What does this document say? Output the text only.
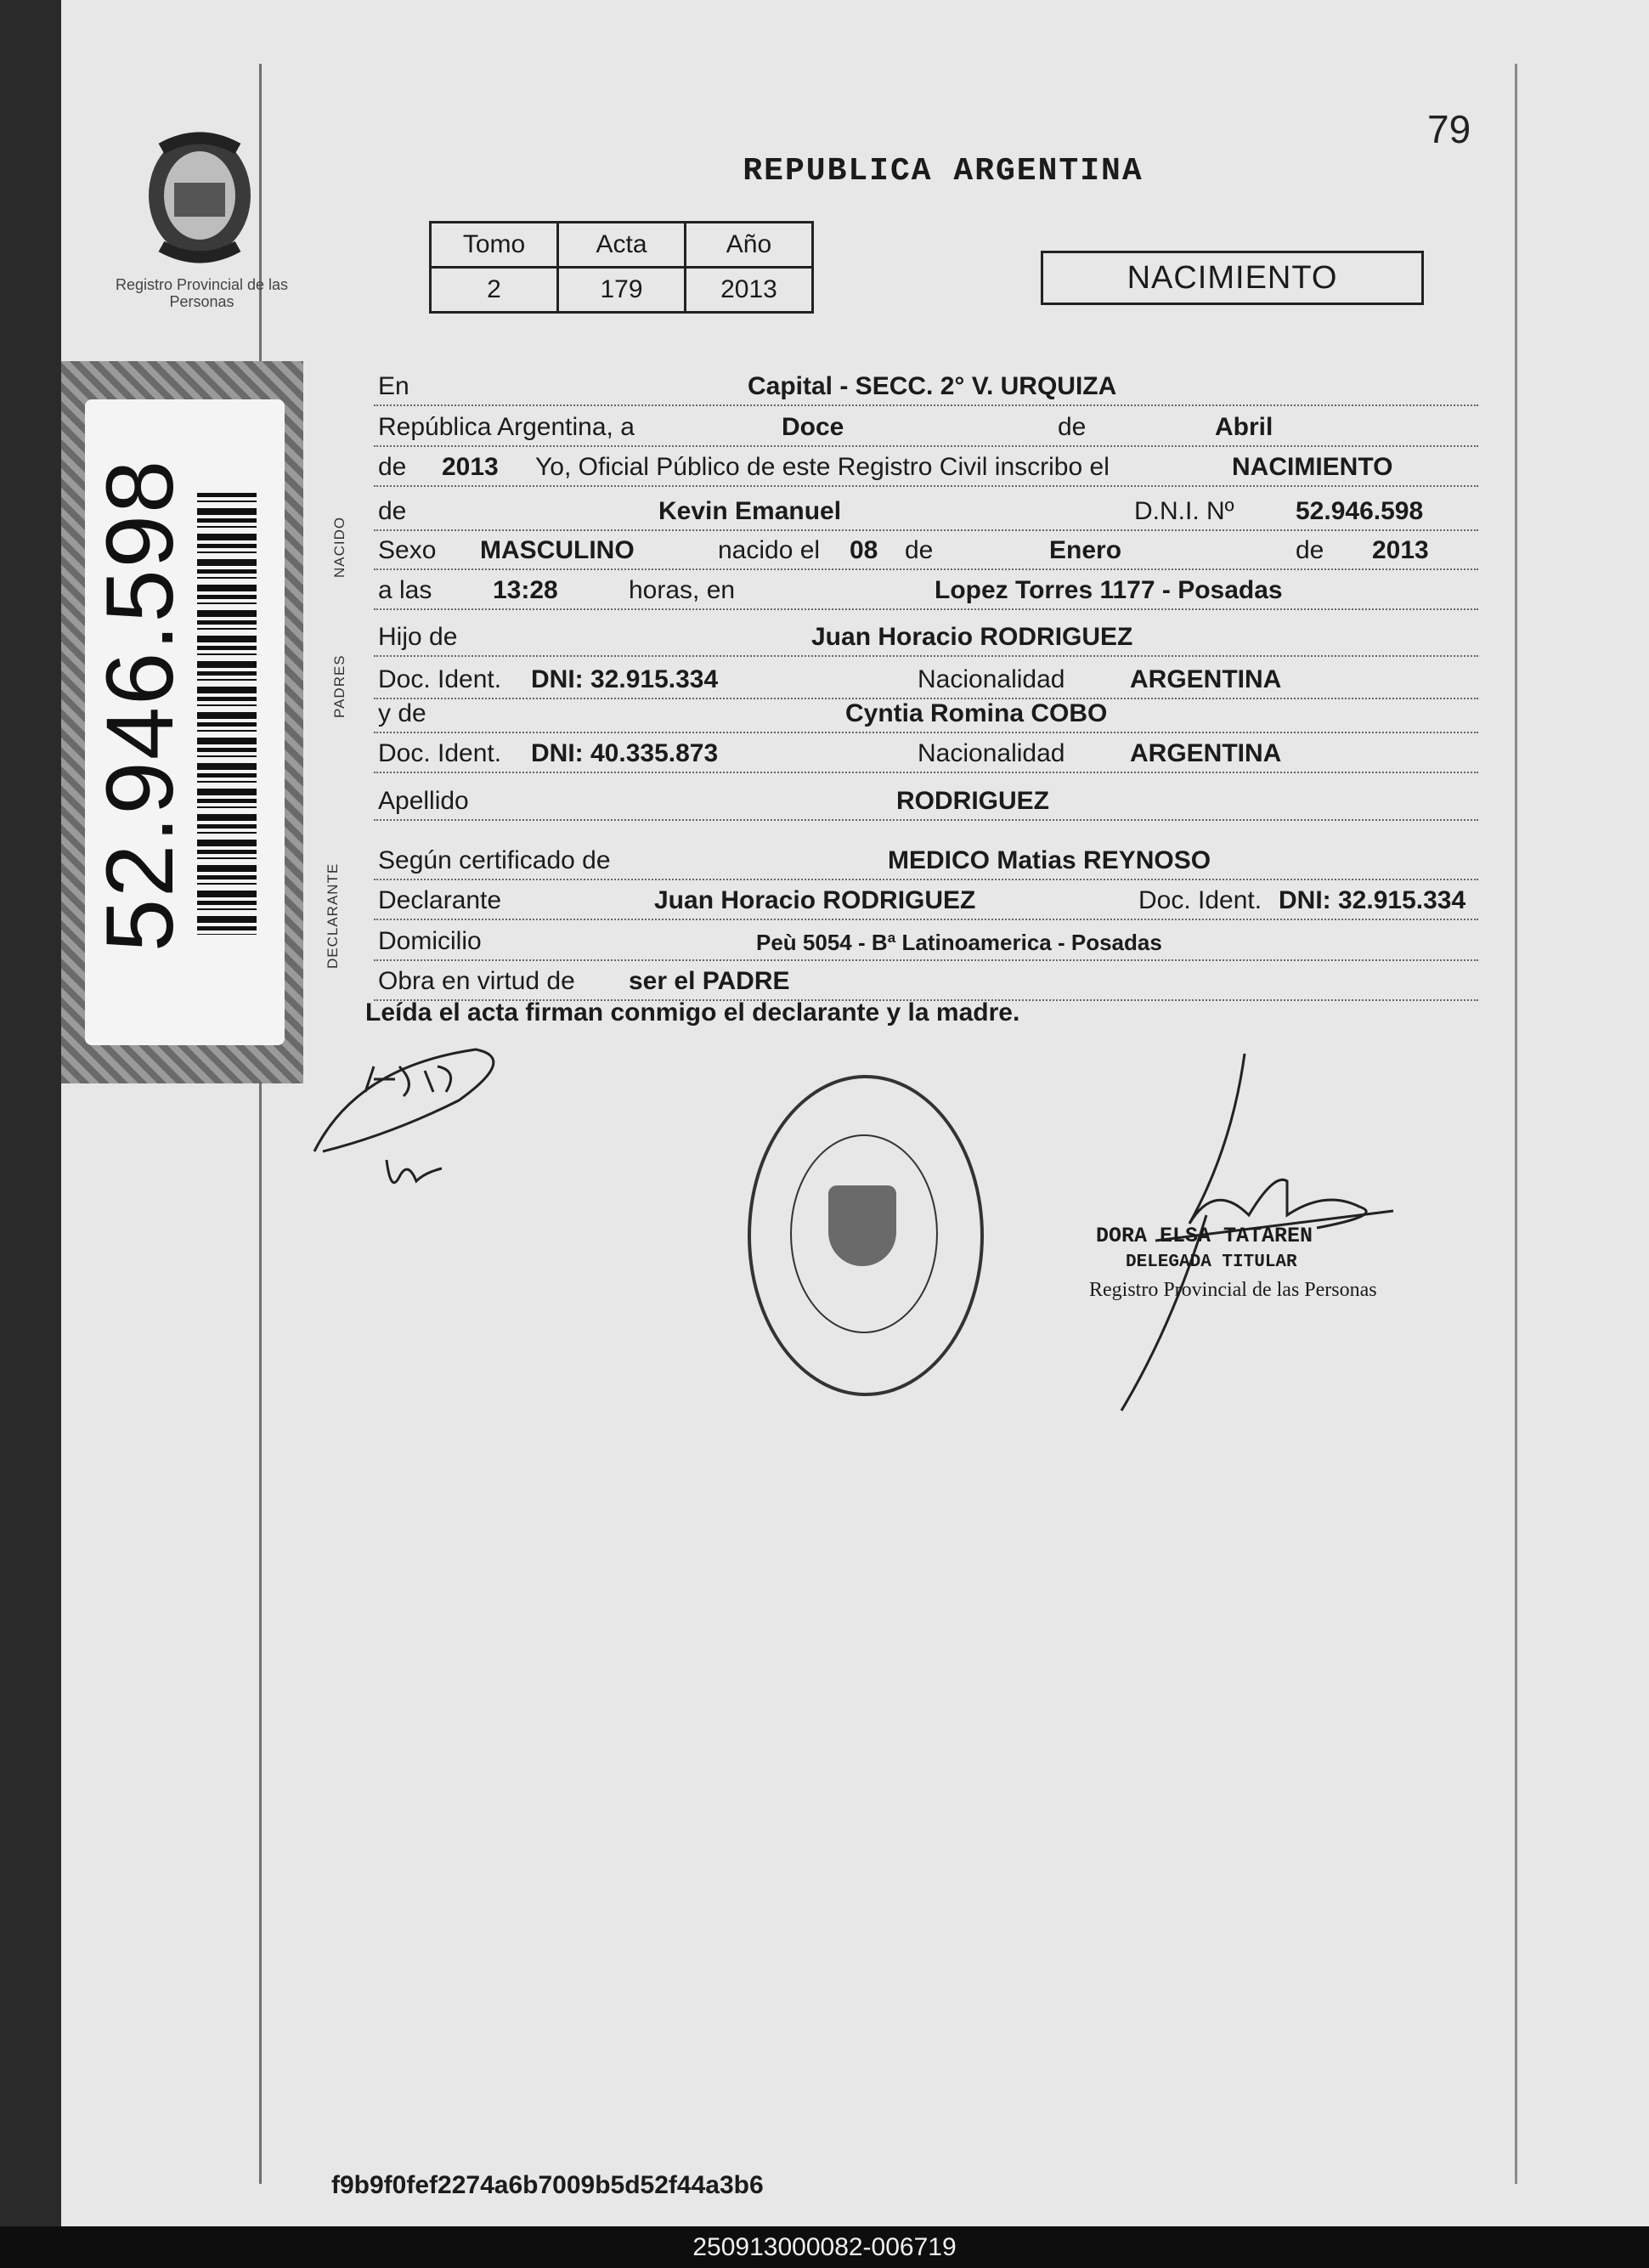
Registro Provincial de las Personas
52.946.598
79
REPUBLICA ARGENTINA
Tomo	Acta	Año
2	179	2013	NACIMIENTO
NACIDO
PADRES
DECLARANTE
En	Capital - SECC. 2° V. URQUIZA
República Argentina, a	Doce	de	Abril
de 2013 Yo, Oficial Público de este Registro Civil inscribo el	NACIMIENTO
de	Kevin Emanuel	D.N.I. Nº 52.946.598
Sexo MASCULINO	nacido el 08 de	Enero	de 2013
a las 13:28	horas, en	Lopez Torres 1177 - Posadas
Hijo de	Juan Horacio RODRIGUEZ
Doc. Ident. DNI: 32.915.334	Nacionalidad	ARGENTINA
y de	Cyntia Romina COBO
Doc. Ident. DNI: 40.335.873	Nacionalidad	ARGENTINA
Apellido	RODRIGUEZ
Según certificado de	MEDICO Matias REYNOSO
Declarante	Juan Horacio RODRIGUEZ	Doc. Ident. DNI: 32.915.334
Domicilio	Peù 5054 - Bª Latinoamerica - Posadas
Obra en virtud de ser el PADRE
Leída el acta firman conmigo el declarante y la madre.
DORA ELSA TATAREN
DELEGADA TITULAR
Registro Provincial de las Personas
f9b9f0fef2274a6b7009b5d52f44a3b6
250913000082-006719
